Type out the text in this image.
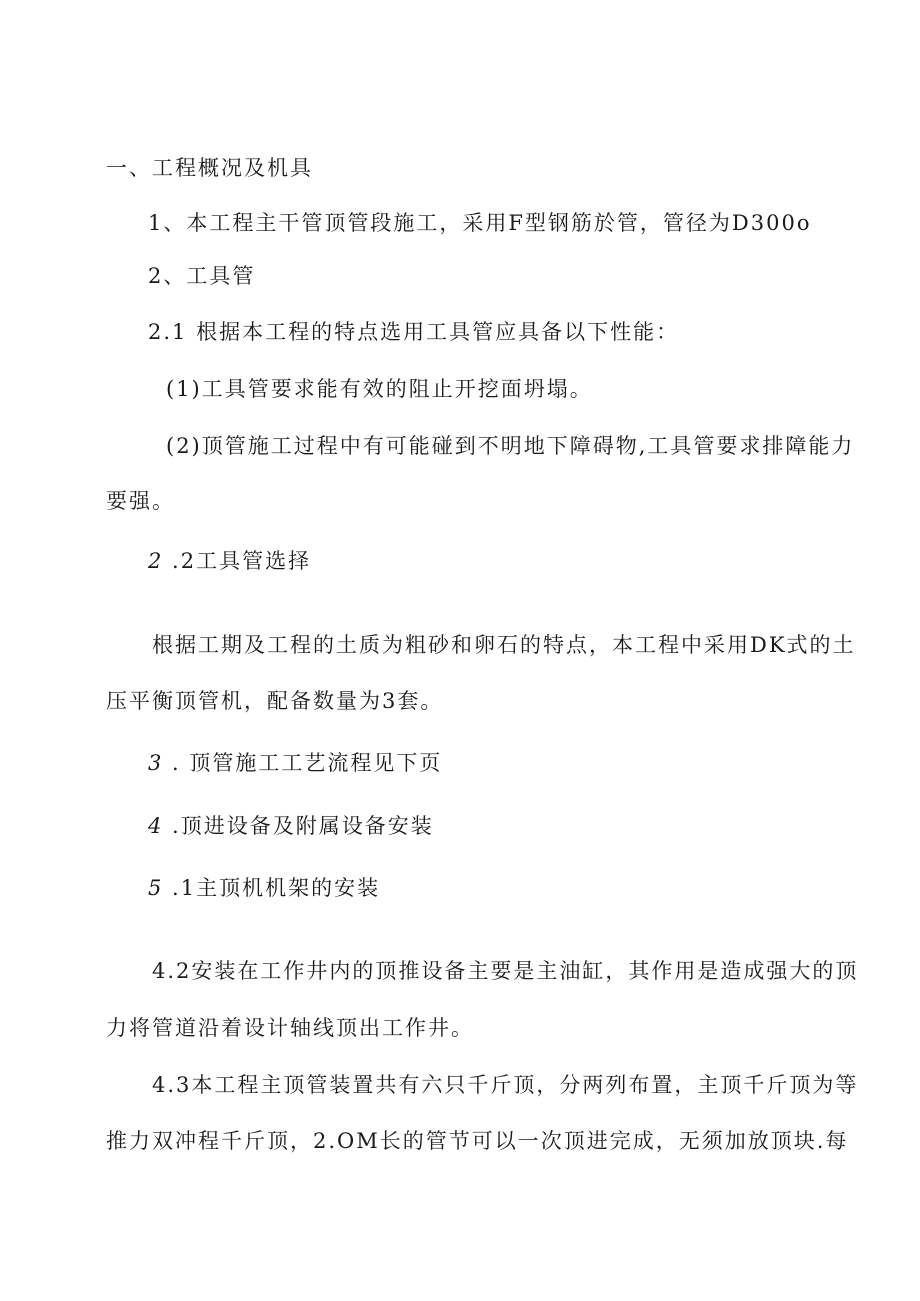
一、工程概况及机具
1、本工程主干管顶管段施工，采用F型钢筋於管，管径为D300o
2、工具管
2.1 根据本工程的特点选用工具管应具备以下性能：
(1)工具管要求能有效的阻止开挖面坍塌。
(2)顶管施工过程中有可能碰到不明地下障碍物,工具管要求排障能力
要强。
2 .2工具管选择
根据工期及工程的土质为粗砂和卵石的特点，本工程中采用DK式的土
压平衡顶管机，配备数量为3套。
3 . 顶管施工工艺流程见下页
4 .顶进设备及附属设备安装
5 .1主顶机机架的安装
4.2安装在工作井内的顶推设备主要是主油缸，其作用是造成强大的顶
力将管道沿着设计轴线顶出工作井。
4.3本工程主顶管装置共有六只千斤顶，分两列布置，主顶千斤顶为等
推力双冲程千斤顶，2.OM长的管节可以一次顶进完成，无须加放顶块.每
